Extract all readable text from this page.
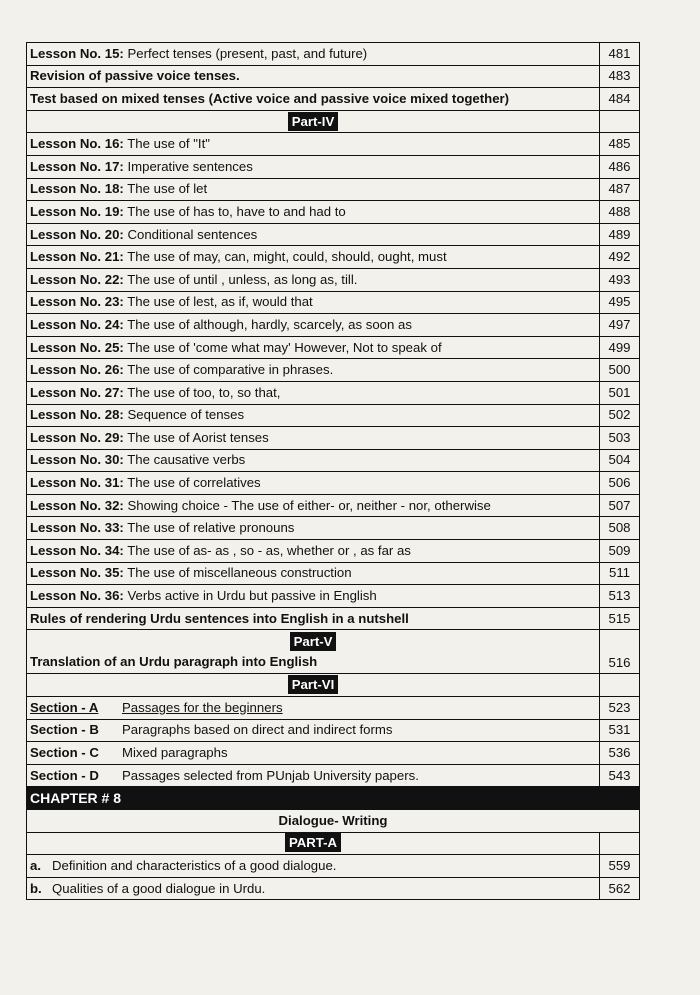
Lesson No. 15: Perfect tenses (present, past, and future)	481
Revision of passive voice tenses.	483
Test based on mixed tenses (Active voice and passive voice mixed together)	484
Part-IV	
Lesson No. 16: The use of "It"	485
Lesson No. 17: Imperative sentences	486
Lesson No. 18: The use of let	487
Lesson No. 19: The use of has to, have to and had to	488
Lesson No. 20: Conditional sentences	489
Lesson No. 21: The use of may, can, might, could, should, ought, must	492
Lesson No. 22: The use of until , unless, as long as, till.	493
Lesson No. 23: The use of lest, as if, would that	495
Lesson No. 24: The use of although, hardly, scarcely, as soon as	497
Lesson No. 25: The use of 'come what may' However, Not to speak of	499
Lesson No. 26: The use of comparative in phrases.	500
Lesson No. 27: The use of too, to, so that,	501
Lesson No. 28: Sequence of tenses	502
Lesson No. 29: The use of Aorist tenses	503
Lesson No. 30: The causative verbs	504
Lesson No. 31: The use of correlatives	506
Lesson No. 32: Showing choice - The use of either- or, neither - nor, otherwise	507
Lesson No. 33: The use of relative pronouns	508
Lesson No. 34: The use of as- as , so - as, whether or , as far as	509
Lesson No. 35: The use of miscellaneous construction	511
Lesson No. 36: Verbs active in Urdu but passive in English	513
Rules of rendering Urdu sentences into English in a nutshell	515

Part-V
Translation of an Urdu paragraph into English	516
Part-VI	
Section - A Passages for the beginners	523
Section - B Paragraphs based on direct and indirect forms	531
Section - C Mixed paragraphs	536
Section - D Passages selected from PUnjab University papers.	543
CHAPTER # 8	
Dialogue- Writing	
PART-A	
a. Definition and characteristics of a good dialogue.	559
b. Qualities of a good dialogue in Urdu.	562
